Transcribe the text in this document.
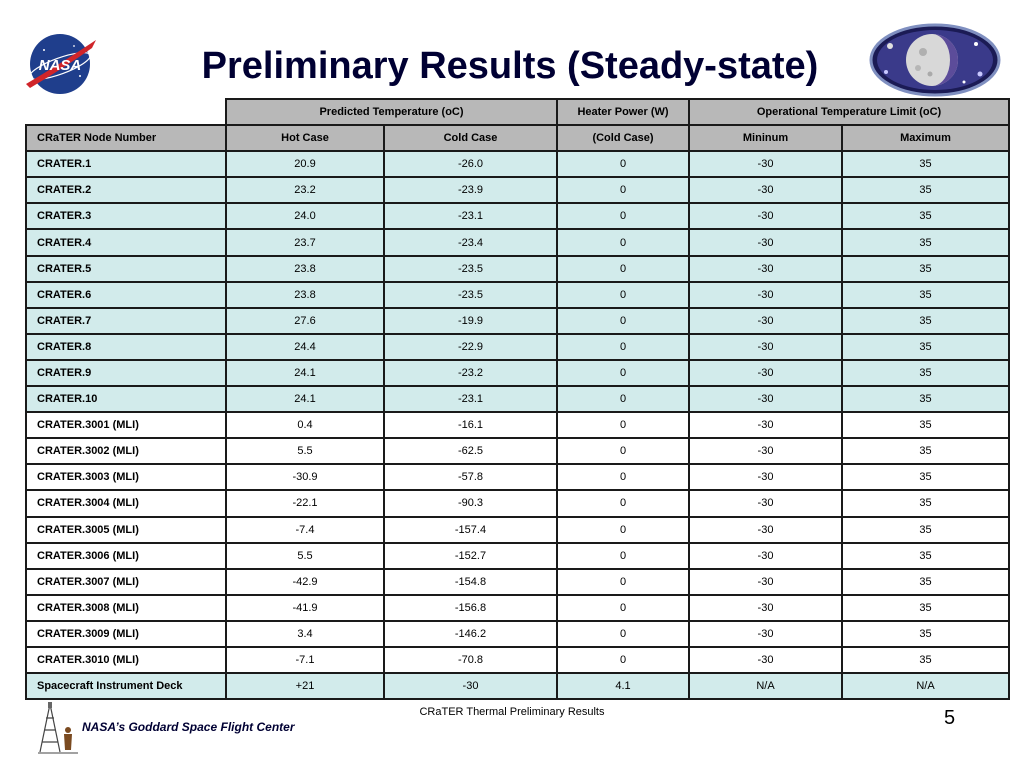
NASA	Preliminary Results (Steady-state)
	Predicted Temperature (oC)		Heater Power (W)	Operational Temperature Limit (oC)	
CRaTER Node Number	Hot Case	Cold Case	(Cold Case)	Mininum	Maximum
CRATER.1	20.9	-26.0	0	-30	35
CRATER.2	23.2	-23.9	0	-30	35
CRATER.3	24.0	-23.1	0	-30	35
CRATER.4	23.7	-23.4	0	-30	35
CRATER.5	23.8	-23.5	0	-30	35
CRATER.6	23.8	-23.5	0	-30	35
CRATER.7	27.6	-19.9	0	-30	35
CRATER.8	24.4	-22.9	0	-30	35
CRATER.9	24.1	-23.2	0	-30	35
CRATER.10	24.1	-23.1	0	-30	35
CRATER.3001 (MLI)	0.4	-16.1	0	-30	35
CRATER.3002 (MLI)	5.5	-62.5	0	-30	35
CRATER.3003 (MLI)	-30.9	-57.8	0	-30	35
CRATER.3004 (MLI)	-22.1	-90.3	0	-30	35
CRATER.3005 (MLI)	-7.4	-157.4	0	-30	35
CRATER.3006 (MLI)	5.5	-152.7	0	-30	35
CRATER.3007 (MLI)	-42.9	-154.8	0	-30	35
CRATER.3008 (MLI)	-41.9	-156.8	0	-30	35
CRATER.3009 (MLI)	3.4	-146.2	0	-30	35
CRATER.3010 (MLI)	-7.1	-70.8	0	-30	35
Spacecraft Instrument Deck	+21	-30	4.1	N/A	N/A
CRaTER Thermal Preliminary Results	5
NASA’s Goddard Space Flight Center
